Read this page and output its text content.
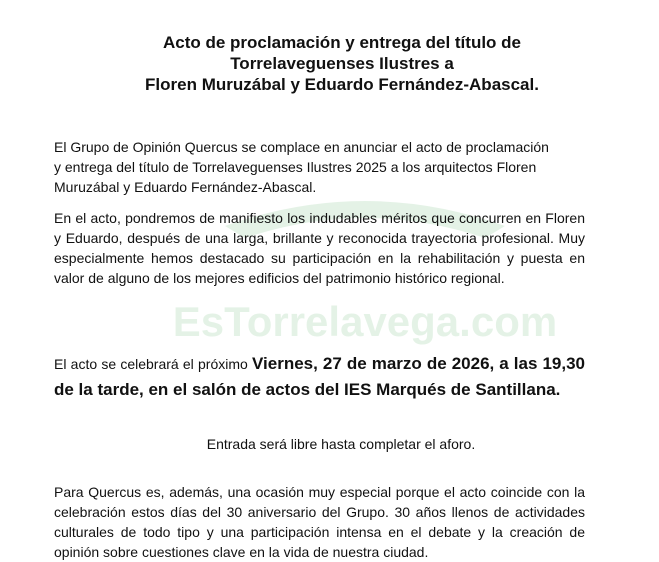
Acto de proclamación y entrega del título de
Torrelaveguenses Ilustres a
Floren Muruzábal y Eduardo Fernández-Abascal.
EsTorrelavega.com

El Grupo de Opinión Quercus se complace en anunciar el acto de proclamación
y entrega del título de Torrelaveguenses Ilustres 2025 a los arquitectos Floren
Muruzábal y Eduardo Fernández-Abascal.

En el acto, pondremos de manifiesto los indudables méritos que concurren en Floren y Eduardo, después de una larga, brillante y reconocida trayectoria profesional. Muy especialmente hemos destacado su participación en la rehabilitación y puesta en valor de alguno de los mejores edificios del patrimonio histórico regional.

El acto se celebrará el próximo Viernes, 27 de marzo de 2026, a las 19,30 de la tarde, en el salón de actos del IES Marqués de Santillana.

Entrada será libre hasta completar el aforo.

Para Quercus es, además, una ocasión muy especial porque el acto coincide con la celebración estos días del 30 aniversario del Grupo. 30 años llenos de actividades culturales de todo tipo y una participación intensa en el debate y la creación de opinión sobre cuestiones clave en la vida de nuestra ciudad.
